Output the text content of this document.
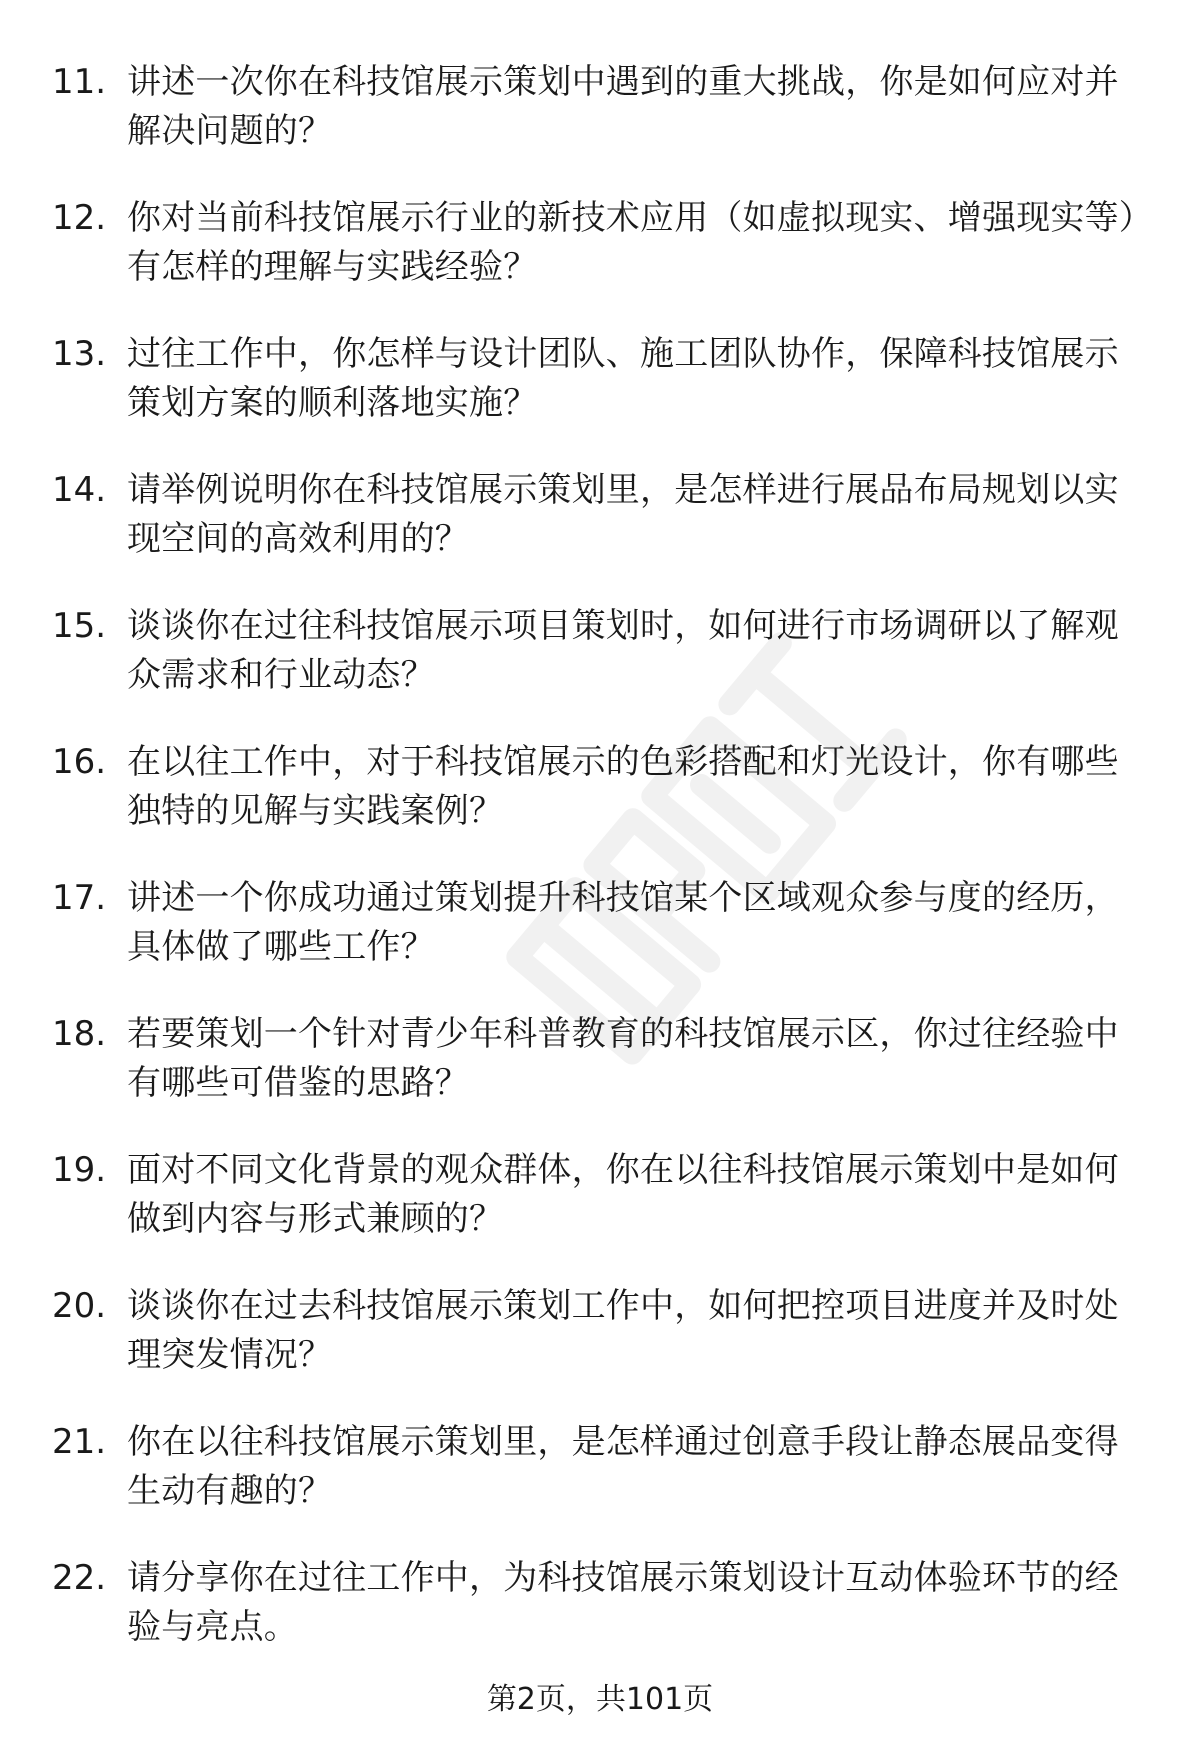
11. 讲述一次你在科技馆展示策划中遇到的重大挑战，你是如何应对并解决问题的？
12. 你对当前科技馆展示行业的新技术应用（如虚拟现实、增强现实等）有怎样的理解与实践经验？
13. 过往工作中，你怎样与设计团队、施工团队协作，保障科技馆展示策划方案的顺利落地实施？
14. 请举例说明你在科技馆展示策划里，是怎样进行展品布局规划以实现空间的高效利用的？
15. 谈谈你在过往科技馆展示项目策划时，如何进行市场调研以了解观众需求和行业动态？
16. 在以往工作中，对于科技馆展示的色彩搭配和灯光设计，你有哪些独特的见解与实践案例？
17. 讲述一个你成功通过策划提升科技馆某个区域观众参与度的经历，具体做了哪些工作？
18. 若要策划一个针对青少年科普教育的科技馆展示区，你过往经验中有哪些可借鉴的思路？
19. 面对不同文化背景的观众群体，你在以往科技馆展示策划中是如何做到内容与形式兼顾的？
20. 谈谈你在过去科技馆展示策划工作中，如何把控项目进度并及时处理突发情况？
21. 你在以往科技馆展示策划里，是怎样通过创意手段让静态展品变得生动有趣的？
22. 请分享你在过往工作中，为科技馆展示策划设计互动体验环节的经验与亮点。
第2页，共101页
